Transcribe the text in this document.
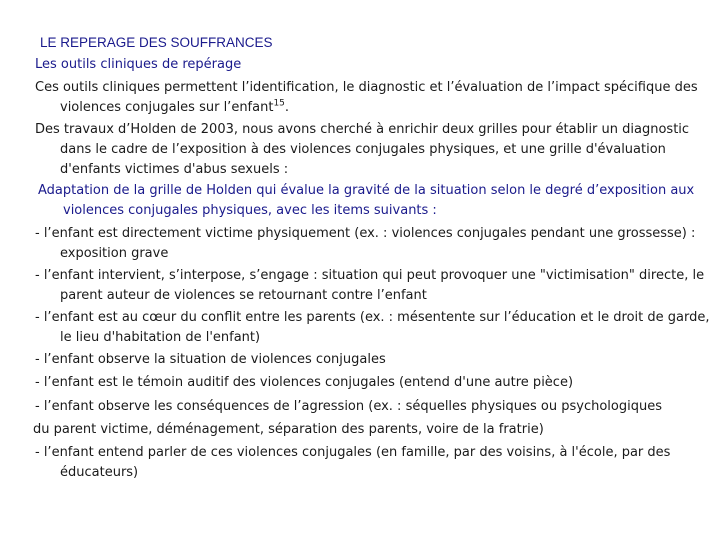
LE REPERAGE DES SOUFFRANCES

Les outils cliniques de repérage

Ces outils cliniques permettent l’identification, le diagnostic et l’évaluation de l’impact spécifique des violences conjugales sur l’enfant$^{15}$.

Des travaux d’Holden de 2003, nous avons cherché à enrichir deux grilles pour établir un diagnostic dans le cadre de l’exposition à des violences conjugales physiques, et une grille d'évaluation d'enfants victimes d'abus sexuels :

Adaptation de la grille de Holden qui évalue la gravité de la situation selon le degré d’exposition aux violences conjugales physiques, avec les items suivants :

- l’enfant est directement victime physiquement (ex. : violences conjugales pendant une grossesse) : exposition grave

- l’enfant intervient, s’interpose, s’engage : situation qui peut provoquer une "victimisation" directe, le parent auteur de violences se retournant contre l’enfant

- l’enfant est au cœur du conflit entre les parents (ex. : mésentente sur l’éducation et le droit de garde, le lieu d'habitation de l'enfant)

- l’enfant observe la situation de violences conjugales

- l’enfant est le témoin auditif des violences conjugales (entend d'une autre pièce)

- l’enfant observe les conséquences de l’agression (ex. : séquelles physiques ou psychologiques

du parent victime, déménagement, séparation des parents, voire de la fratrie)

- l’enfant entend parler de ces violences conjugales (en famille, par des voisins, à l'école, par des éducateurs)
